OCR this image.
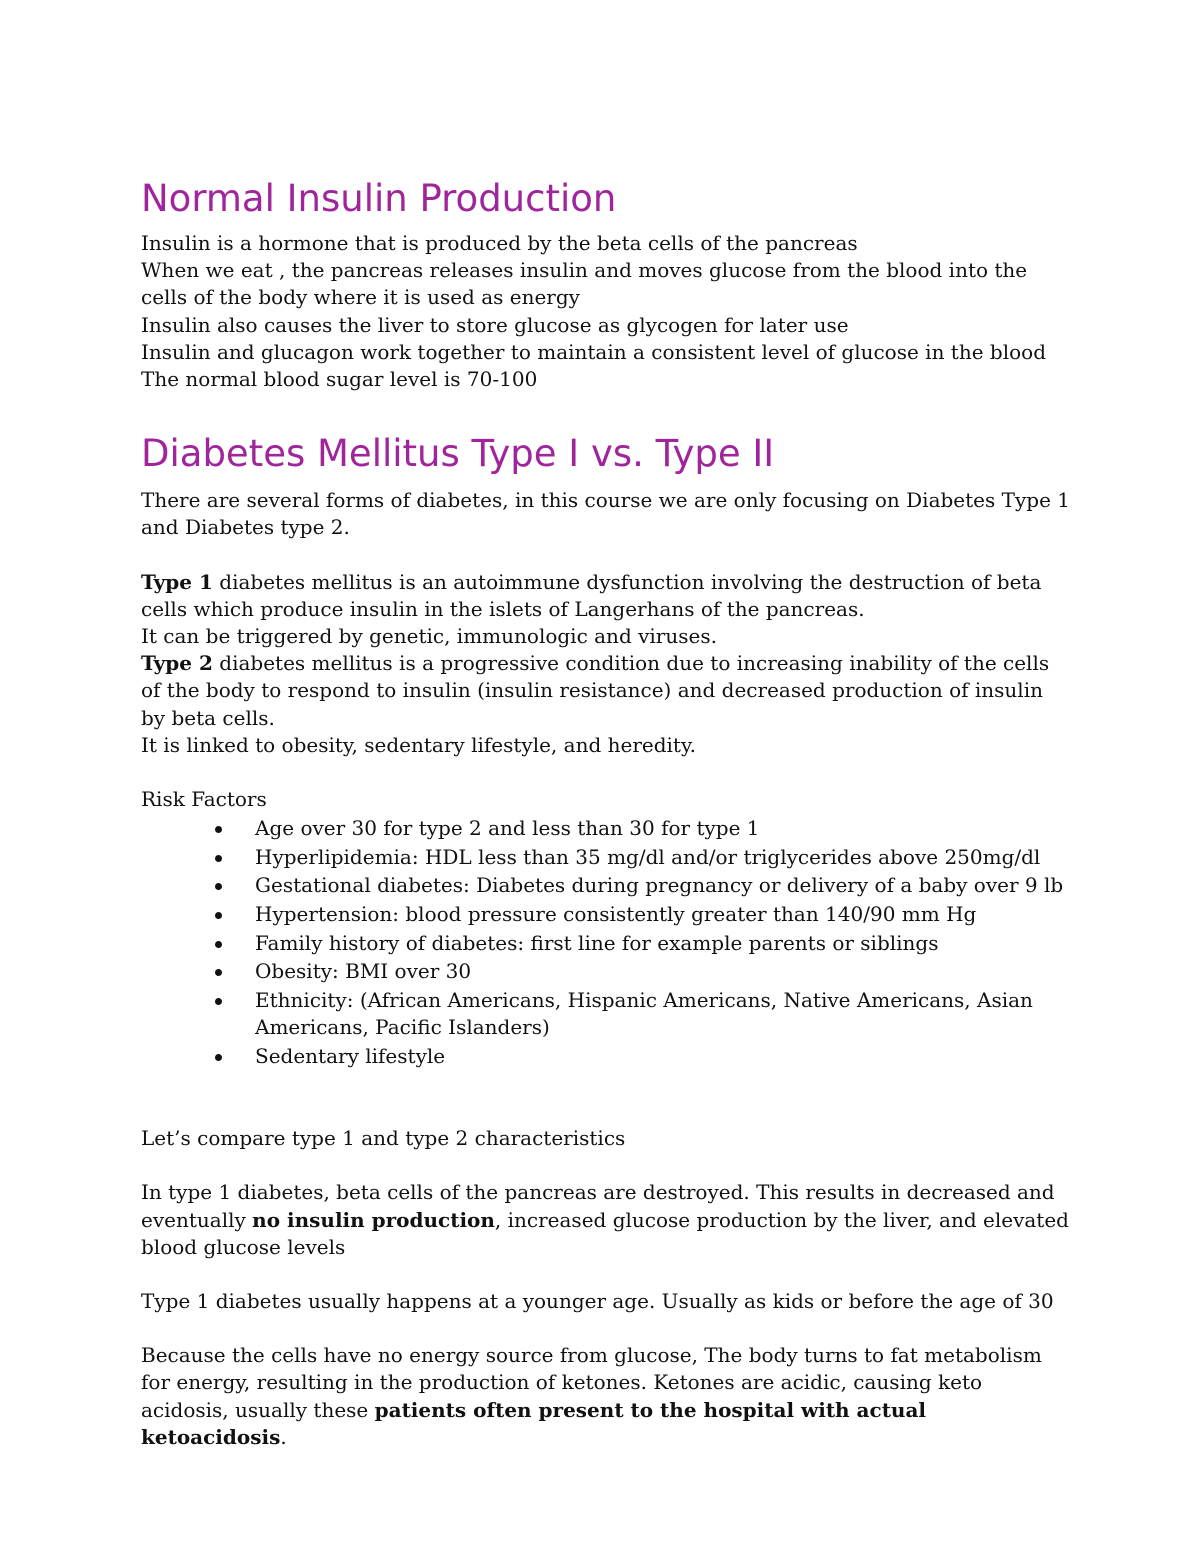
Normal Insulin Production

Insulin is a hormone that is produced by the beta cells of the pancreas

When we eat , the pancreas releases insulin and moves glucose from the blood into the cells of the body where it is used as energy

Insulin also causes the liver to store glucose as glycogen for later use

Insulin and glucagon work together to maintain a consistent level of glucose in the blood

The normal blood sugar level is 70-100

Diabetes Mellitus Type I vs. Type II

There are several forms of diabetes, in this course we are only focusing on Diabetes Type 1 and Diabetes type 2.

Type 1 diabetes mellitus is an autoimmune dysfunction involving the destruction of beta cells which produce insulin in the islets of Langerhans of the pancreas.

It can be triggered by genetic, immunologic and viruses.

Type 2 diabetes mellitus is a progressive condition due to increasing inability of the cells of the body to respond to insulin (insulin resistance) and decreased production of insulin by beta cells.

It is linked to obesity, sedentary lifestyle, and heredity.

Risk Factors

Age over 30 for type 2 and less than 30 for type 1
Hyperlipidemia: HDL less than 35 mg/dl and/or triglycerides above 250mg/dl
Gestational diabetes: Diabetes during pregnancy or delivery of a baby over 9 lb
Hypertension: blood pressure consistently greater than 140/90 mm Hg
Family history of diabetes: first line for example parents or siblings
Obesity: BMI over 30
Ethnicity: (African Americans, Hispanic Americans, Native Americans, Asian Americans, Pacific Islanders)
Sedentary lifestyle

Let’s compare type 1 and type 2 characteristics

In type 1 diabetes, beta cells of the pancreas are destroyed. This results in decreased and eventually no insulin production, increased glucose production by the liver, and elevated blood glucose levels

Type 1 diabetes usually happens at a younger age. Usually as kids or before the age of 30

Because the cells have no energy source from glucose, The body turns to fat metabolism for energy, resulting in the production of ketones. Ketones are acidic, causing keto acidosis, usually these patients often present to the hospital with actual ketoacidosis.
